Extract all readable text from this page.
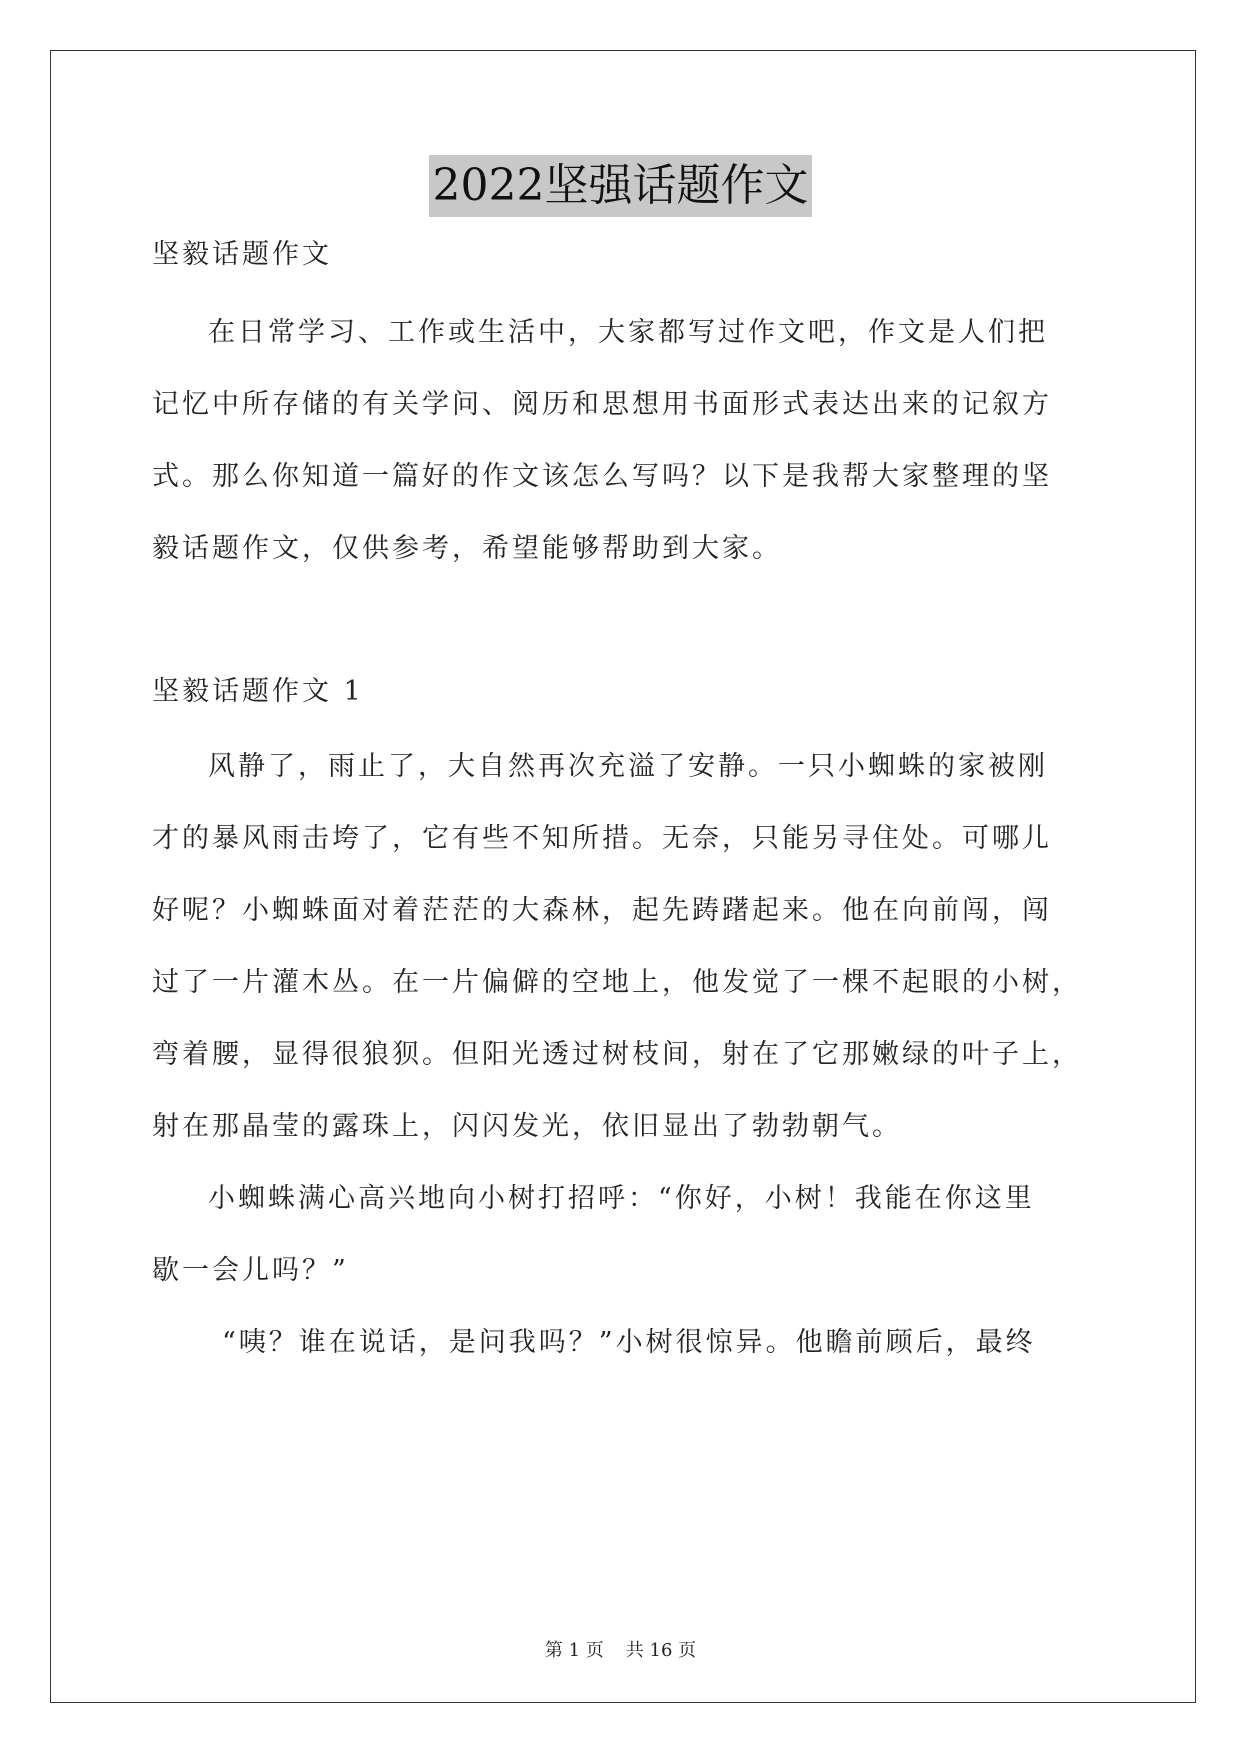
2022坚强话题作文
坚毅话题作文
在日常学习、工作或生活中，大家都写过作文吧，作文是人们把
记忆中所存储的有关学问、阅历和思想用书面形式表达出来的记叙方
式。那么你知道一篇好的作文该怎么写吗？以下是我帮大家整理的坚
毅话题作文，仅供参考，希望能够帮助到大家。
坚毅话题作文 1
风静了，雨止了，大自然再次充溢了安静。一只小蜘蛛的家被刚
才的暴风雨击垮了，它有些不知所措。无奈，只能另寻住处。可哪儿
好呢？小蜘蛛面对着茫茫的大森林，起先踌躇起来。他在向前闯，闯
过了一片灌木丛。在一片偏僻的空地上，他发觉了一棵不起眼的小树，
弯着腰，显得很狼狈。但阳光透过树枝间，射在了它那嫩绿的叶子上，
射在那晶莹的露珠上，闪闪发光，依旧显出了勃勃朝气。
小蜘蛛满心高兴地向小树打招呼：“你好，小树！我能在你这里
歇一会儿吗？”
“咦？谁在说话，是问我吗？”小树很惊异。他瞻前顾后，最终
第 1 页 共 16 页
